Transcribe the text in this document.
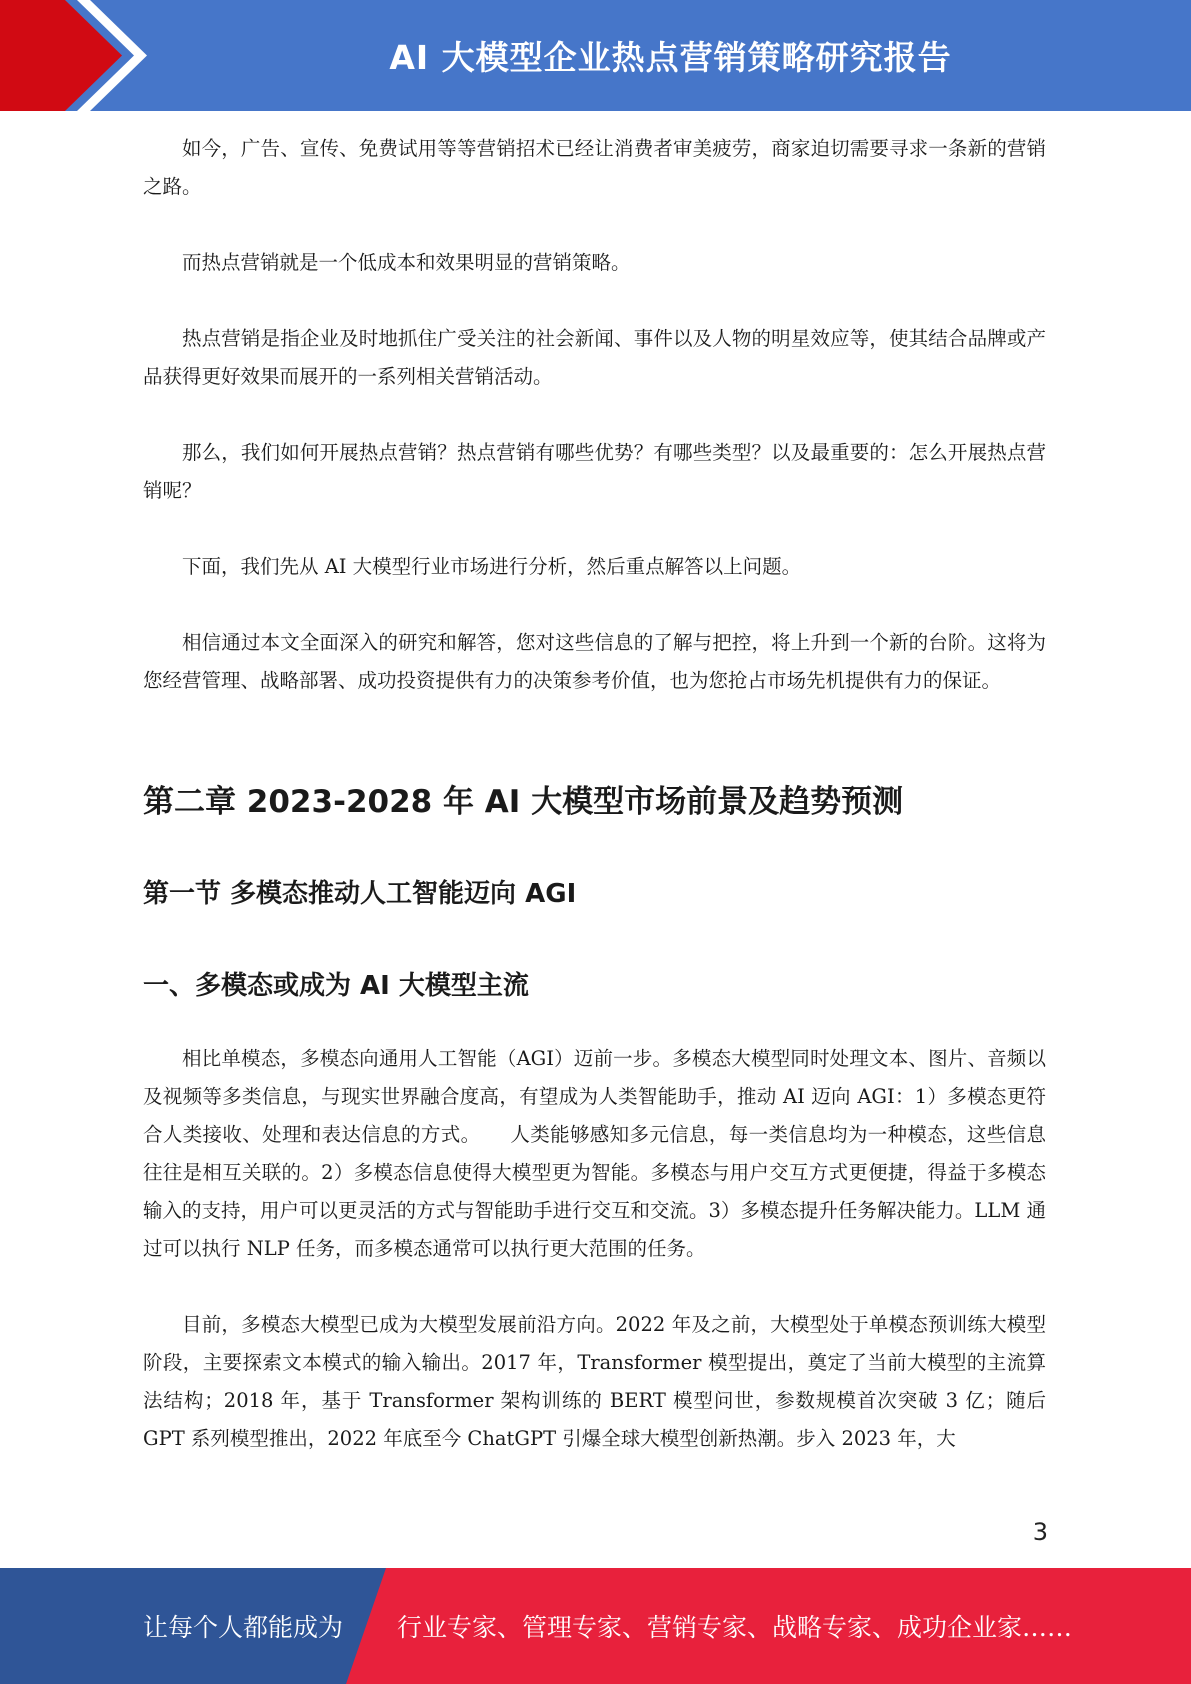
AI 大模型企业热点营销策略研究报告

如今，广告、宣传、免费试用等等营销招术已经让消费者审美疲劳，商家迫切需要寻求一条新的营销之路。

而热点营销就是一个低成本和效果明显的营销策略。

热点营销是指企业及时地抓住广受关注的社会新闻、事件以及人物的明星效应等，使其结合品牌或产品获得更好效果而展开的一系列相关营销活动。

那么，我们如何开展热点营销？热点营销有哪些优势？有哪些类型？以及最重要的：怎么开展热点营销呢？

下面，我们先从 AI 大模型行业市场进行分析，然后重点解答以上问题。

相信通过本文全面深入的研究和解答，您对这些信息的了解与把控，将上升到一个新的台阶。这将为您经营管理、战略部署、成功投资提供有力的决策参考价值，也为您抢占市场先机提供有力的保证。

第二章 2023-2028 年 AI 大模型市场前景及趋势预测
第一节 多模态推动人工智能迈向 AGI
一、多模态或成为 AI 大模型主流

相比单模态，多模态向通用人工智能（AGI）迈前一步。多模态大模型同时处理文本、图片、音频以及视频等多类信息，与现实世界融合度高，有望成为人类智能助手，推动 AI 迈向 AGI：1）多模态更符合人类接收、处理和表达信息的方式。　　人类能够感知多元信息，每一类信息均为一种模态，这些信息往往是相互关联的。2）多模态信息使得大模型更为智能。多模态与用户交互方式更便捷，得益于多模态输入的支持，用户可以更灵活的方式与智能助手进行交互和交流。3）多模态提升任务解决能力。LLM 通过可以执行 NLP 任务，而多模态通常可以执行更大范围的任务。

目前，多模态大模型已成为大模型发展前沿方向。2022 年及之前，大模型处于单模态预训练大模型阶段，主要探索文本模式的输入输出。2017 年，Transformer 模型提出，奠定了当前大模型的主流算法结构；2018 年，基于 Transformer 架构训练的 BERT 模型问世，参数规模首次突破 3 亿；随后 GPT 系列模型推出，2022 年底至今 ChatGPT 引爆全球大模型创新热潮。步入 2023 年，大

3
让每个人都能成为 行业专家、管理专家、营销专家、战略专家、成功企业家……
